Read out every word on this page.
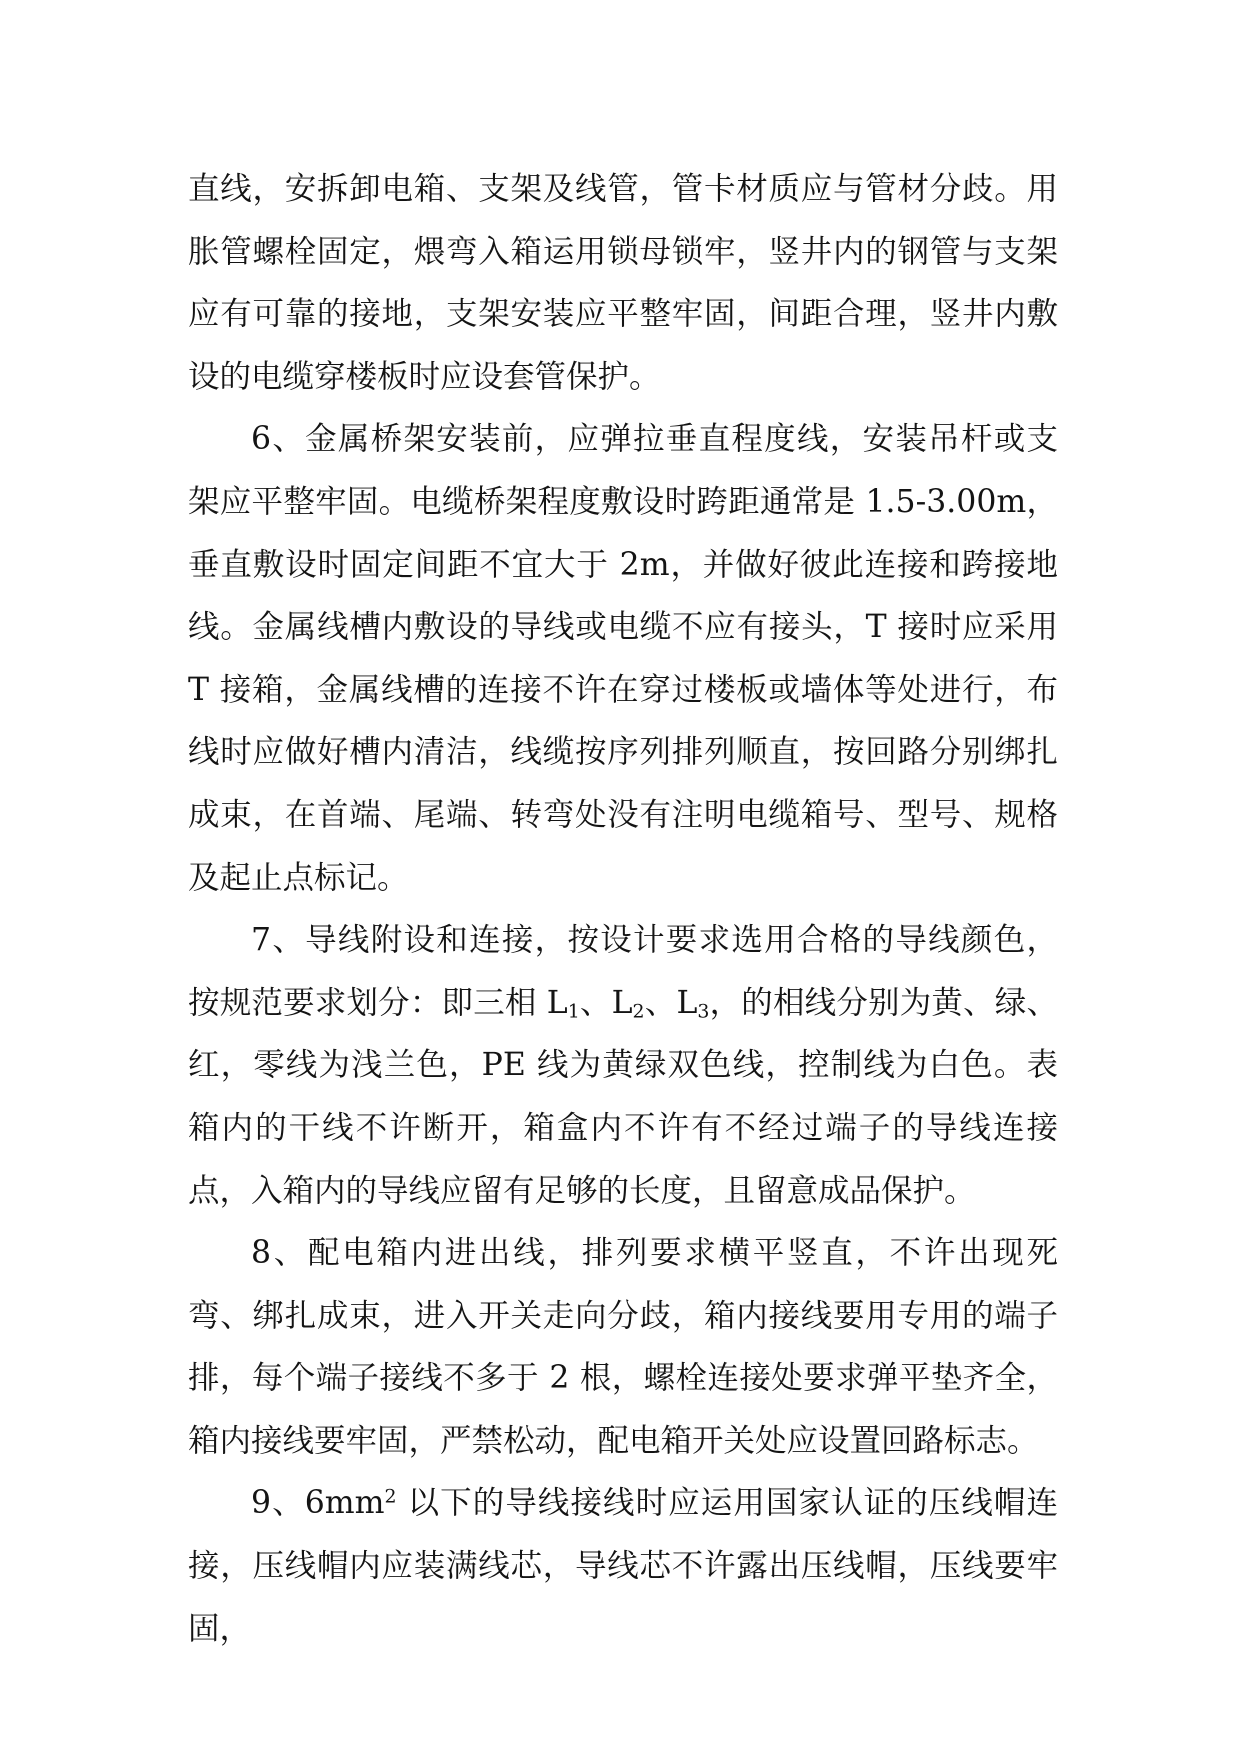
直线，安拆卸电箱、支架及线管，管卡材质应与管材分歧。用胀管螺栓固定，煨弯入箱运用锁母锁牢，竖井内的钢管与支架应有可靠的接地，支架安装应平整牢固，间距合理，竖井内敷设的电缆穿楼板时应设套管保护。

6、金属桥架安装前，应弹拉垂直程度线，安装吊杆或支架应平整牢固。电缆桥架程度敷设时跨距通常是 1.5-3.00m，垂直敷设时固定间距不宜大于 2m，并做好彼此连接和跨接地线。金属线槽内敷设的导线或电缆不应有接头，T 接时应采用 T 接箱，金属线槽的连接不许在穿过楼板或墙体等处进行，布线时应做好槽内清洁，线缆按序列排列顺直，按回路分别绑扎成束，在首端、尾端、转弯处没有注明电缆箱号、型号、规格及起止点标记。

7、导线附设和连接，按设计要求选用合格的导线颜色，按规范要求划分：即三相 $L_1$、$L_2$、$L_3$，的相线分别为黄、绿、红，零线为浅兰色，PE 线为黄绿双色线，控制线为白色。表箱内的干线不许断开，箱盒内不许有不经过端子的导线连接点，入箱内的导线应留有足够的长度，且留意成品保护。

8、配电箱内进出线，排列要求横平竖直，不许出现死弯、绑扎成束，进入开关走向分歧，箱内接线要用专用的端子排，每个端子接线不多于 2 根，螺栓连接处要求弹平垫齐全，箱内接线要牢固，严禁松动，配电箱开关处应设置回路标志。

9、$6mm^2$ 以下的导线接线时应运用国家认证的压线帽连接，压线帽内应装满线芯，导线芯不许露出压线帽，压线要牢固，
